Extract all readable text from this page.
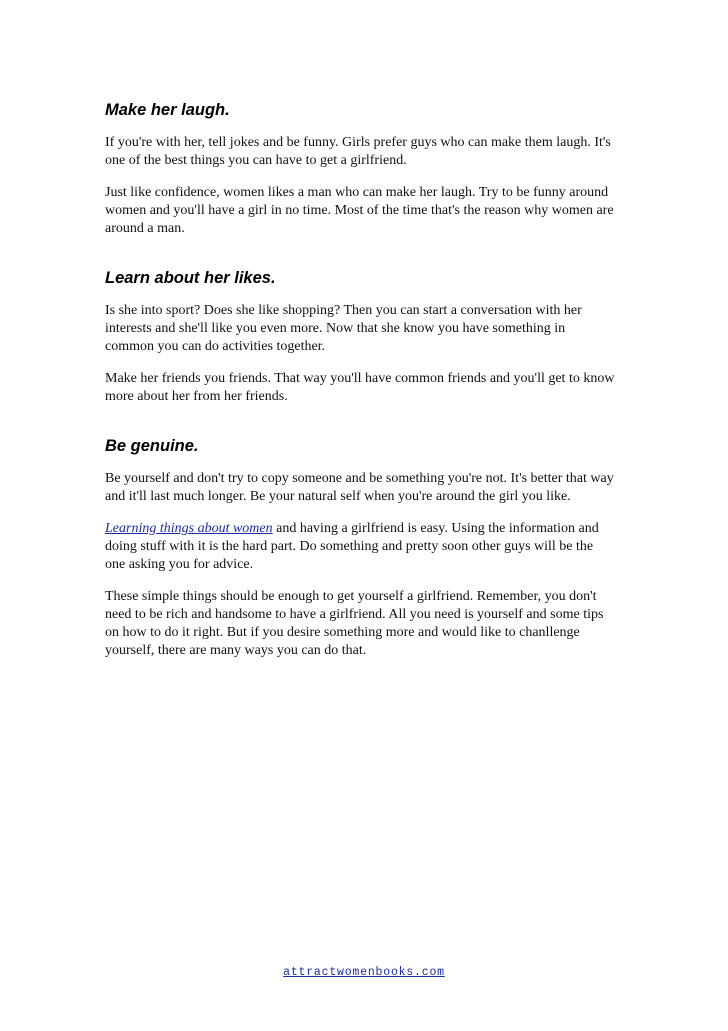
Make her laugh.

If you're with her, tell jokes and be funny. Girls prefer guys who can make them laugh. It's one of the best things you can have to get a girlfriend.

Just like confidence, women likes a man who can make her laugh. Try to be funny around women and you'll have a girl in no time. Most of the time that's the reason why women are around a man.

Learn about her likes.

Is she into sport? Does she like shopping? Then you can start a conversation with her interests and she'll like you even more. Now that she know you have something in common you can do activities together.

Make her friends you friends. That way you'll have common friends and you'll get to know more about her from her friends.

Be genuine.

Be yourself and don't try to copy someone and be something you're not. It's better that way and it'll last much longer. Be your natural self when you're around the girl you like.

Learning things about women and having a girlfriend is easy. Using the information and doing stuff with it is the hard part. Do something and pretty soon other guys will be the one asking you for advice.

These simple things should be enough to get yourself a girlfriend. Remember, you don't need to be rich and handsome to have a girlfriend. All you need is yourself and some tips on how to do it right. But if you desire something more and would like to chanllenge yourself, there are many ways you can do that.

attractwomenbooks.com
